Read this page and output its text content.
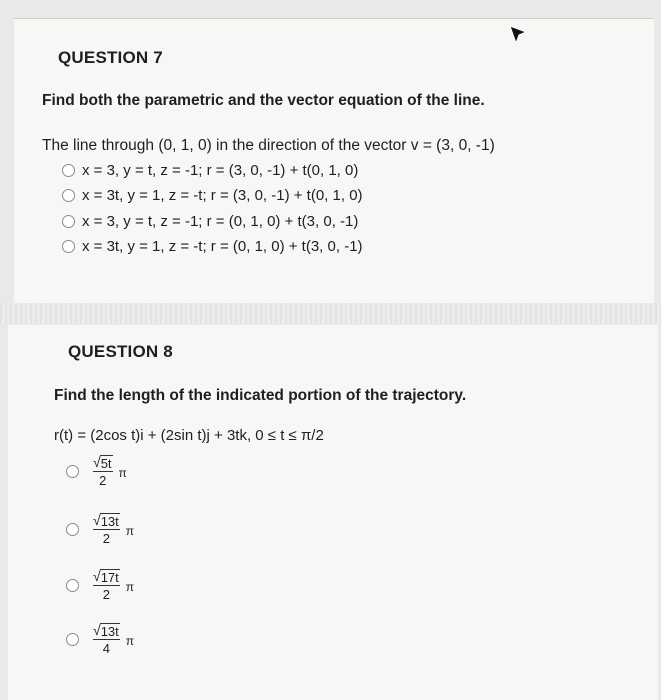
QUESTION 7
Find both the parametric and the vector equation of the line.
The line through (0, 1, 0) in the direction of the vector v = (3, 0, -1)
x = 3, y = t, z = -1; r = (3, 0, -1) + t(0, 1, 0)
x = 3t, y = 1, z = -t; r = (3, 0, -1) + t(0, 1, 0)
x = 3, y = t, z = -1; r = (0, 1, 0) + t(3, 0, -1)
x = 3t, y = 1, z = -t; r = (0, 1, 0) + t(3, 0, -1)
QUESTION 8
Find the length of the indicated portion of the trajectory.
r(t) = (2cos t)i + (2sin t)j + 3tk, 0 ≤ t ≤ π/2
$\frac{√ 5t}{2}$ π
$\frac{√ 13t}{2}$ π
$\frac{√ 17t}{2}$ π
$\frac{√ 13t}{4}$ π
